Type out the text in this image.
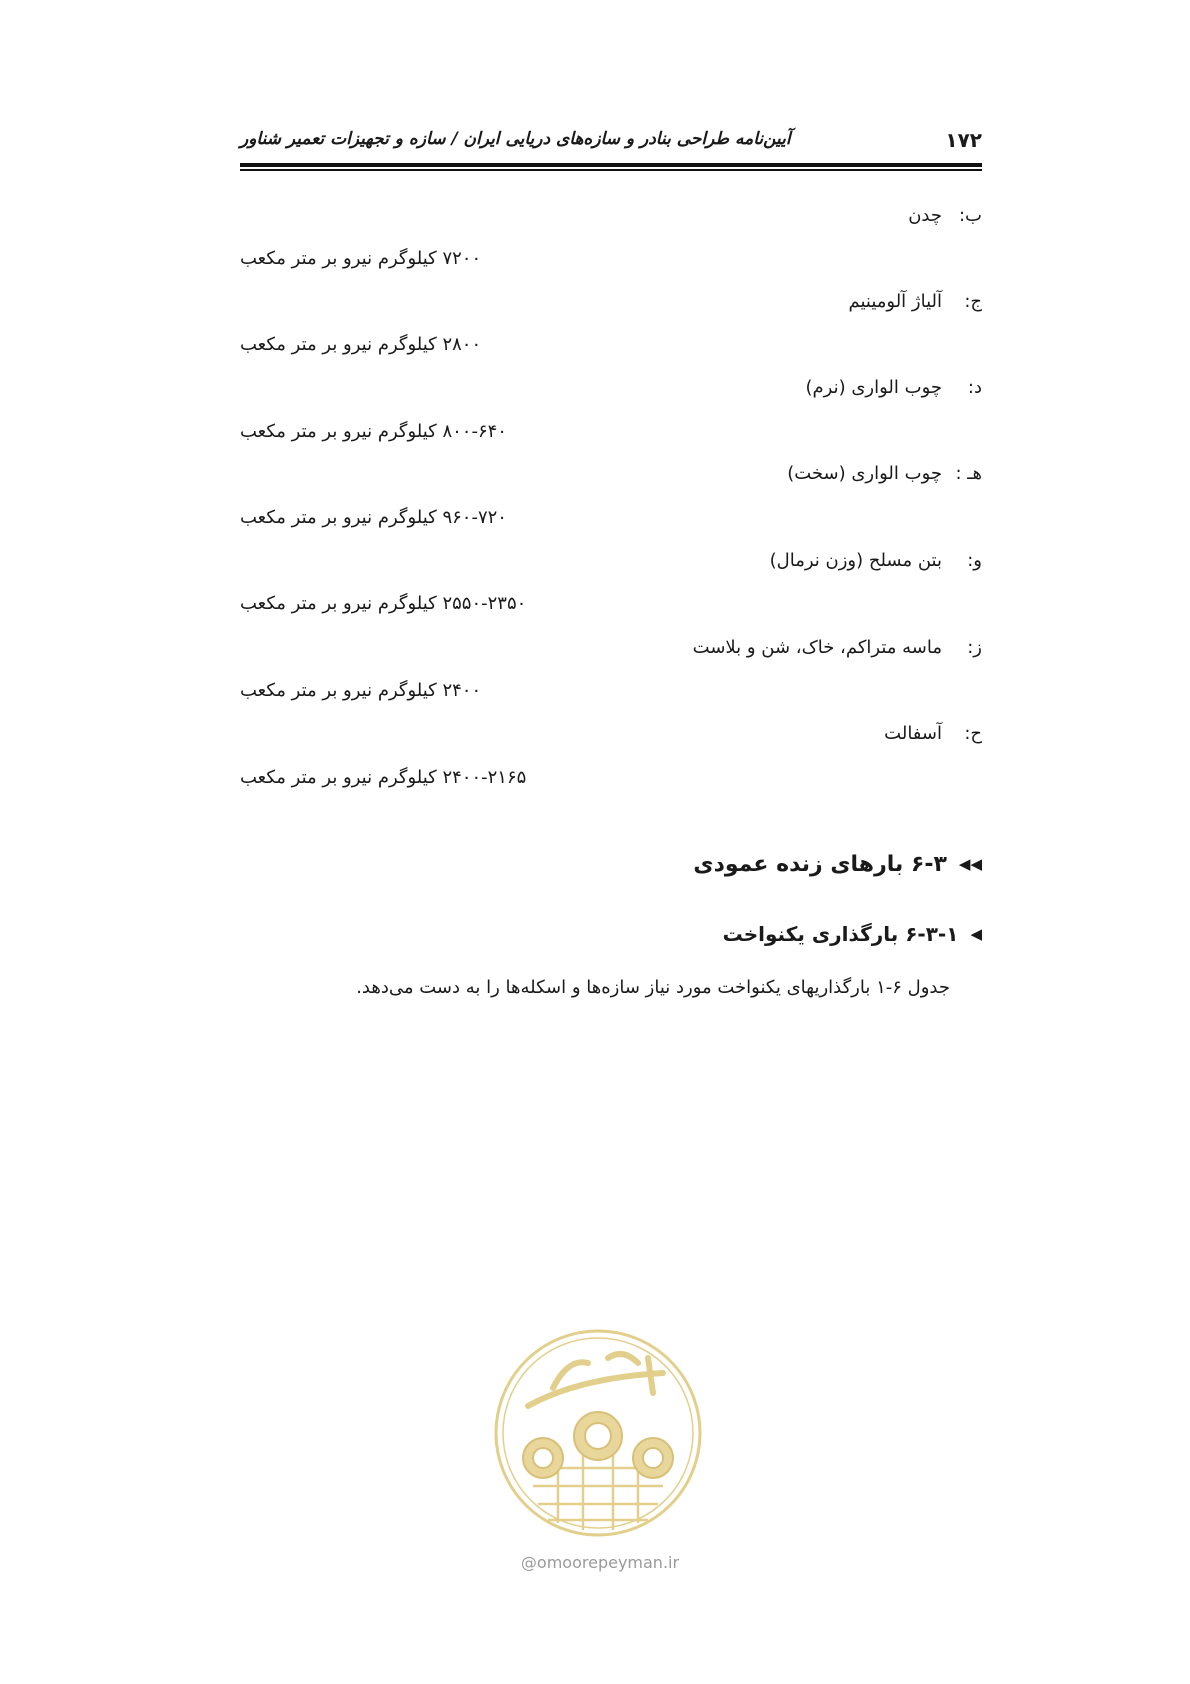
۱۷۲
آیین‌نامه طراحی بنادر و سازه‌های دریایی ایران / سازه و تجهیزات تعمیر شناور
ب:چدن
۷۲۰۰ کیلوگرم نیرو بر متر مکعب
ج:آلیاژ آلومینیم
۲۸۰۰ کیلوگرم نیرو بر متر مکعب
د:چوب الواری (نرم)
۸۰۰-۶۴۰ کیلوگرم نیرو بر متر مکعب
هـ :چوب الواری (سخت)
۹۶۰-۷۲۰ کیلوگرم نیرو بر متر مکعب
و:بتن مسلح (وزن نرمال)
۲۵۵۰-۲۳۵۰ کیلوگرم نیرو بر متر مکعب
ز:ماسه متراکم، خاک، شن و بلاست
۲۴۰۰ کیلوگرم نیرو بر متر مکعب
ح:آسفالت
۲۴۰۰-۲۱۶۵ کیلوگرم نیرو بر متر مکعب
◀◀۶-۳ بارهای زنده عمودی
◀۶-۳-۱ بارگذاری یکنواخت
جدول ۶-۱ بارگذاریهای یکنواخت مورد نیاز سازه‌ها و اسکله‌ها را به دست می‌دهد.
@omoorepeyman.ir
